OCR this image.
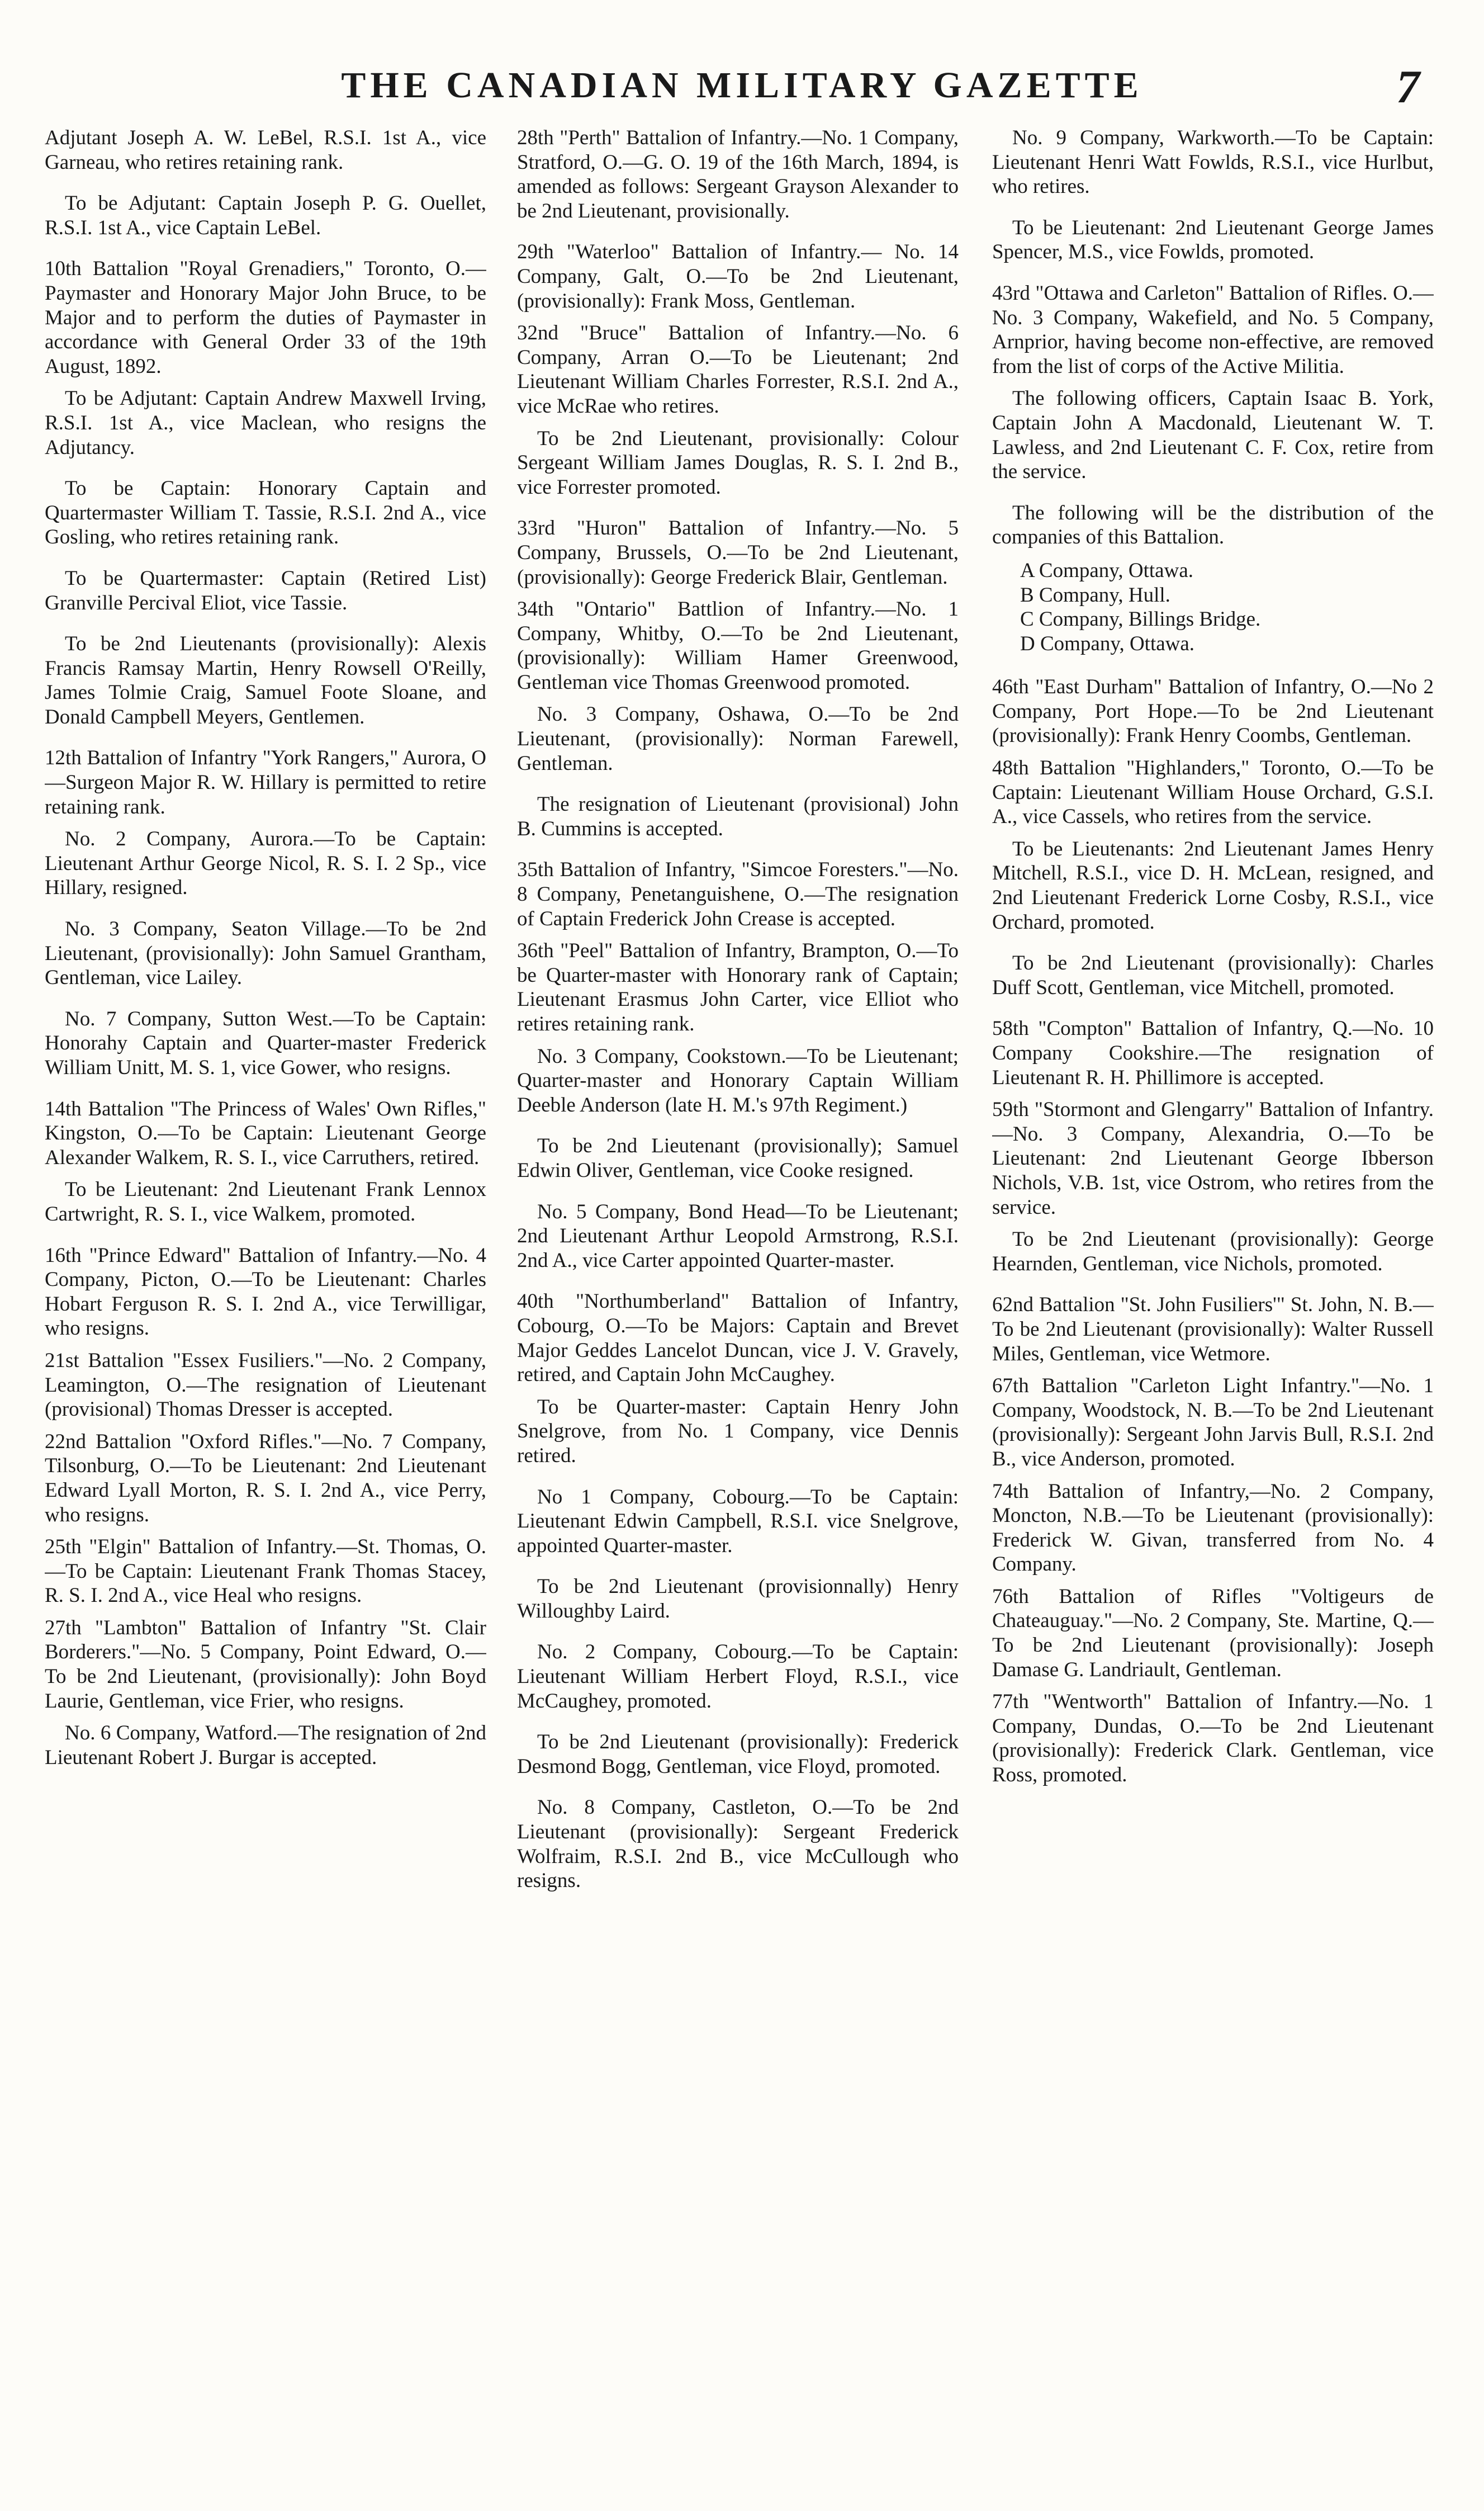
THE CANADIAN MILITARY GAZETTE	7

Adjutant Joseph A. W. LeBel, R.S.I. 1st A., vice Garneau, who retires retaining rank.

To be Adjutant: Captain Joseph P. G. Ouellet, R.S.I. 1st A., vice Captain LeBel.

10th Battalion "Royal Grenadiers," Toronto, O.—Paymaster and Honorary Major John Bruce, to be Major and to perform the duties of Paymaster in accordance with General Order 33 of the 19th August, 1892.

To be Adjutant: Captain Andrew Maxwell Irving, R.S.I. 1st A., vice Maclean, who resigns the Adjutancy.

To be Captain: Honorary Captain and Quartermaster William T. Tassie, R.S.I. 2nd A., vice Gosling, who retires retaining rank.

To be Quartermaster: Captain (Retired List) Granville Percival Eliot, vice Tassie.

To be 2nd Lieutenants (provisionally): Alexis Francis Ramsay Martin, Henry Rowsell O'Reilly, James Tolmie Craig, Samuel Foote Sloane, and Donald Campbell Meyers, Gentlemen.

12th Battalion of Infantry "York Rangers," Aurora, O—Surgeon Major R. W. Hillary is permitted to retire retaining rank.

No. 2 Company, Aurora.—To be Captain: Lieutenant Arthur George Nicol, R. S. I. 2 Sp., vice Hillary, resigned.

No. 3 Company, Seaton Village.—To be 2nd Lieutenant, (provisionally): John Samuel Grantham, Gentleman, vice Lailey.

No. 7 Company, Sutton West.—To be Captain: Honorahy Captain and Quarter-master Frederick William Unitt, M. S. 1, vice Gower, who resigns.

14th Battalion "The Princess of Wales' Own Rifles," Kingston, O.—To be Captain: Lieutenant George Alexander Walkem, R. S. I., vice Carruthers, retired.

To be Lieutenant: 2nd Lieutenant Frank Lennox Cartwright, R. S. I., vice Walkem, promoted.

16th "Prince Edward" Battalion of Infantry.—No. 4 Company, Picton, O.—To be Lieutenant: Charles Hobart Ferguson R. S. I. 2nd A., vice Terwilligar, who resigns.

21st Battalion "Essex Fusiliers."—No. 2 Company, Leamington, O.—The resignation of Lieutenant (provisional) Thomas Dresser is accepted.

22nd Battalion "Oxford Rifles."—No. 7 Company, Tilsonburg, O.—To be Lieutenant: 2nd Lieutenant Edward Lyall Morton, R. S. I. 2nd A., vice Perry, who resigns.

25th "Elgin" Battalion of Infantry.—St. Thomas, O.—To be Captain: Lieutenant Frank Thomas Stacey, R. S. I. 2nd A., vice Heal who resigns.

27th "Lambton" Battalion of Infantry "St. Clair Borderers."—No. 5 Company, Point Edward, O.—To be 2nd Lieutenant, (provisionally): John Boyd Laurie, Gentleman, vice Frier, who resigns.

No. 6 Company, Watford.—The resignation of 2nd Lieutenant Robert J. Burgar is accepted.

28th "Perth" Battalion of Infantry.—No. 1 Company, Stratford, O.—G. O. 19 of the 16th March, 1894, is amended as follows: Sergeant Grayson Alexander to be 2nd Lieutenant, provisionally.

29th "Waterloo" Battalion of Infantry.— No. 14 Company, Galt, O.—To be 2nd Lieutenant, (provisionally): Frank Moss, Gentleman.

32nd "Bruce" Battalion of Infantry.—No. 6 Company, Arran O.—To be Lieutenant; 2nd Lieutenant William Charles Forrester, R.S.I. 2nd A., vice McRae who retires.

To be 2nd Lieutenant, provisionally: Colour Sergeant William James Douglas, R. S. I. 2nd B., vice Forrester promoted.

33rd "Huron" Battalion of Infantry.—No. 5 Company, Brussels, O.—To be 2nd Lieutenant, (provisionally): George Frederick Blair, Gentleman.

34th "Ontario" Battlion of Infantry.—No. 1 Company, Whitby, O.—To be 2nd Lieutenant, (provisionally): William Hamer Greenwood, Gentleman vice Thomas Greenwood promoted.

No. 3 Company, Oshawa, O.—To be 2nd Lieutenant, (provisionally): Norman Farewell, Gentleman.

The resignation of Lieutenant (provisional) John B. Cummins is accepted.

35th Battalion of Infantry, "Simcoe Foresters."—No. 8 Company, Penetanguishene, O.—The resignation of Captain Frederick John Crease is accepted.

36th "Peel" Battalion of Infantry, Brampton, O.—To be Quarter-master with Honorary rank of Captain; Lieutenant Erasmus John Carter, vice Elliot who retires retaining rank.

No. 3 Company, Cookstown.—To be Lieutenant; Quarter-master and Honorary Captain William Deeble Anderson (late H. M.'s 97th Regiment.)

To be 2nd Lieutenant (provisionally); Samuel Edwin Oliver, Gentleman, vice Cooke resigned.

No. 5 Company, Bond Head—To be Lieutenant; 2nd Lieutenant Arthur Leopold Armstrong, R.S.I. 2nd A., vice Carter appointed Quarter-master.

40th "Northumberland" Battalion of Infantry, Cobourg, O.—To be Majors: Captain and Brevet Major Geddes Lancelot Duncan, vice J. V. Gravely, retired, and Captain John McCaughey.

To be Quarter-master: Captain Henry John Snelgrove, from No. 1 Company, vice Dennis retired.

No 1 Company, Cobourg.—To be Captain: Lieutenant Edwin Campbell, R.S.I. vice Snelgrove, appointed Quarter-master.

To be 2nd Lieutenant (provisionnally) Henry Willoughby Laird.

No. 2 Company, Cobourg.—To be Captain: Lieutenant William Herbert Floyd, R.S.I., vice McCaughey, promoted.

To be 2nd Lieutenant (provisionally): Frederick Desmond Bogg, Gentleman, vice Floyd, promoted.

No. 8 Company, Castleton, O.—To be 2nd Lieutenant (provisionally): Sergeant Frederick Wolfraim, R.S.I. 2nd B., vice McCullough who resigns.

No. 9 Company, Warkworth.—To be Captain: Lieutenant Henri Watt Fowlds, R.S.I., vice Hurlbut, who retires.

To be Lieutenant: 2nd Lieutenant George James Spencer, M.S., vice Fowlds, promoted.

43rd "Ottawa and Carleton" Battalion of Rifles. O.—No. 3 Company, Wakefield, and No. 5 Company, Arnprior, having become non-effective, are removed from the list of corps of the Active Militia.

The following officers, Captain Isaac B. York, Captain John A Macdonald, Lieutenant W. T. Lawless, and 2nd Lieutenant C. F. Cox, retire from the service.

The following will be the distribution of the companies of this Battalion.

A Company, Ottawa.
B Company, Hull.
C Company, Billings Bridge.
D Company, Ottawa.

46th "East Durham" Battalion of Infantry, O.—No 2 Company, Port Hope.—To be 2nd Lieutenant (provisionally): Frank Henry Coombs, Gentleman.

48th Battalion "Highlanders," Toronto, O.—To be Captain: Lieutenant William House Orchard, G.S.I. A., vice Cassels, who retires from the service.

To be Lieutenants: 2nd Lieutenant James Henry Mitchell, R.S.I., vice D. H. McLean, resigned, and 2nd Lieutenant Frederick Lorne Cosby, R.S.I., vice Orchard, promoted.

To be 2nd Lieutenant (provisionally): Charles Duff Scott, Gentleman, vice Mitchell, promoted.

58th "Compton" Battalion of Infantry, Q.—No. 10 Company Cookshire.—The resignation of Lieutenant R. H. Phillimore is accepted.

59th "Stormont and Glengarry" Battalion of Infantry.—No. 3 Company, Alexandria, O.—To be Lieutenant: 2nd Lieutenant George Ibberson Nichols, V.B. 1st, vice Ostrom, who retires from the service.

To be 2nd Lieutenant (provisionally): George Hearnden, Gentleman, vice Nichols, promoted.

62nd Battalion "St. John Fusiliers'" St. John, N. B.—To be 2nd Lieutenant (provisionally): Walter Russell Miles, Gentleman, vice Wetmore.

67th Battalion "Carleton Light Infantry."—No. 1 Company, Woodstock, N. B.—To be 2nd Lieutenant (provisionally): Sergeant John Jarvis Bull, R.S.I. 2nd B., vice Anderson, promoted.

74th Battalion of Infantry,—No. 2 Company, Moncton, N.B.—To be Lieutenant (provisionally): Frederick W. Givan, transferred from No. 4 Company.

76th Battalion of Rifles "Voltigeurs de Chateauguay."—No. 2 Company, Ste. Martine, Q.—To be 2nd Lieutenant (provisionally): Joseph Damase G. Landriault, Gentleman.

77th "Wentworth" Battalion of Infantry.—No. 1 Company, Dundas, O.—To be 2nd Lieutenant (provisionally): Frederick Clark. Gentleman, vice Ross, promoted.
